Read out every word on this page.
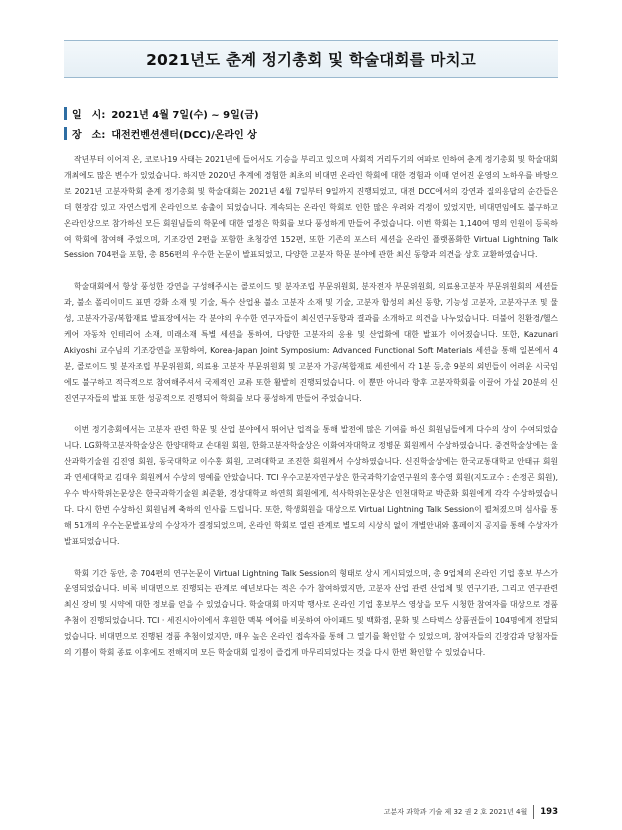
2021년도 춘계 정기총회 및 학술대회를 마치고
일　시: 2021년 4월 7일(수) ~ 9일(금)
장　소: 대전컨벤션센터(DCC)/온라인 상

작년부터 이어져 온, 코로나19 사태는 2021년에 들어서도 기승을 부리고 있으며 사회적 거리두기의 여파로 인하여 춘계 정기총회 및 학술대회 개최에도 많은 변수가 있었습니다. 하지만 2020년 추계에 경험한 최초의 비대면 온라인 학회에 대한 경험과 이때 얻어진 운영의 노하우를 바탕으로 2021년 고분자학회 춘계 정기총회 및 학술대회는 2021년 4월 7일부터 9일까지 진행되었고, 대전 DCC에서의 강연과 질의응답의 순간들은 더 현장감 있고 자연스럽게 온라인으로 송출이 되었습니다. 계속되는 온라인 학회로 인한 많은 우려와 걱정이 있었지만, 비대면임에도 불구하고 온라인상으로 참가하신 모든 회원님들의 학문에 대한 열정은 학회를 보다 풍성하게 만들어 주었습니다. 이번 학회는 1,140여 명의 인원이 등록하여 학회에 참여해 주었으며, 기조강연 2편을 포함한 초청강연 152편, 또한 기존의 포스터 세션을 온라인 플랫폼화한 Virtual Lightning Talk Session 704편을 포함, 총 856편의 우수한 논문이 발표되었고, 다양한 고분자 학문 분야에 관한 최신 동향과 의견을 상호 교환하였습니다.

학술대회에서 항상 풍성한 강연을 구성해주시는 콜로이드 및 분자조립 부문위원회, 분자전자 부문위원회, 의료용고분자 부문위원회의 세션들과, 불소 폴리이미드 표면 강화 소재 및 기술, 특수 산업용 불소 고분자 소재 및 기술, 고분자 합성의 최신 동향, 기능성 고분자, 고분자구조 및 물성, 고분자가공/복합재료 발표장에서는 각 분야의 우수한 연구자들이 최신연구동향과 결과를 소개하고 의견을 나누었습니다. 더불어 친환경/헬스케어 자동차 인테리어 소재, 미래소재 특별 세션을 통하여, 다양한 고분자의 응용 및 산업화에 대한 발표가 이어졌습니다. 또한, Kazunari Akiyoshi 교수님의 기조강연을 포함하여, Korea-Japan Joint Symposium: Advanced Functional Soft Materials 세션을 통해 일본에서 4분, 콜로이드 및 분자조립 부문위원회, 의료용 고분자 부문위원회 및 고분자 가공/복합재료 세션에서 각 1분 등,총 9분의 외빈들이 어려운 시국임에도 불구하고 적극적으로 참여해주셔서 국제적인 교류 또한 활발히 진행되었습니다. 이 뿐만 아니라 향후 고분자학회를 이끌어 가실 20분의 신진연구자들의 발표 또한 성공적으로 진행되어 학회를 보다 풍성하게 만들어 주었습니다.

이번 정기총회에서는 고분자 관련 학문 및 산업 분야에서 뛰어난 업적을 통해 발전에 많은 기여를 하신 회원님들에게 다수의 상이 수여되었습니다. LG화학고분자학술상은 한양대학교 손대원 회원, 한화고분자학술상은 이화여자대학교 정병문 회원께서 수상하였습니다. 중견학술상에는 울산과학기술원 김진영 회원, 동국대학교 이수홍 회원, 고려대학교 조진한 회원께서 수상하였습니다. 신진학술상에는 한국교통대학교 안태규 회원과 연세대학교 김대우 회원께서 수상의 영예를 안았습니다. TCI 우수고분자연구상은 한국과학기술연구원의 홍수영 회원(지도교수 : 손정곤 회원), 우수 박사학위논문상은 한국과학기술원 최준환, 경상대학교 하연희 회원에게, 석사학위논문상은 인천대학교 박준화 회원에게 각각 수상하였습니다. 다시 한번 수상하신 회원님께 축하의 인사를 드립니다. 또한, 학생회원을 대상으로 Virtual Lightning Talk Session이 펼쳐졌으며 심사를 통해 51개의 우수논문발표상의 수상자가 결정되었으며, 온라인 학회로 열린 관계로 별도의 시상식 없이 개별안내와 홈페이지 공지를 통해 수상자가 발표되었습니다.

학회 기간 동안, 총 704편의 연구논문이 Virtual Lightning Talk Session의 형태로 상시 게시되었으며, 총 9업체의 온라인 기업 홍보 부스가 운영되었습니다. 비록 비대면으로 진행되는 관계로 예년보다는 적은 수가 참여하였지만, 고분자 산업 관련 산업체 및 연구기관, 그리고 연구관련 최신 장비 및 시약에 대한 정보를 얻을 수 있었습니다. 학술대회 마지막 행사로 온라인 기업 홍보부스 영상을 모두 시청한 참여자를 대상으로 경품 추첨이 진행되었습니다. TCI · 세진시아이에서 후원한 맥북 에어를 비롯하여 아이패드 및 백화점, 문화 및 스타벅스 상품권들이 104명에게 전달되었습니다. 비대면으로 진행된 경품 추첨이었지만, 매우 높은 온라인 접속자를 통해 그 열기를 확인할 수 있었으며, 참여자들의 긴장감과 당첨자들의 기쁨이 학회 종료 이후에도 전해지며 모든 학술대회 일정이 즐겁게 마무리되었다는 것을 다시 한번 확인할 수 있었습니다.

고분자 과학과 기술 제 32 권 2 호 2021년 4월 193
